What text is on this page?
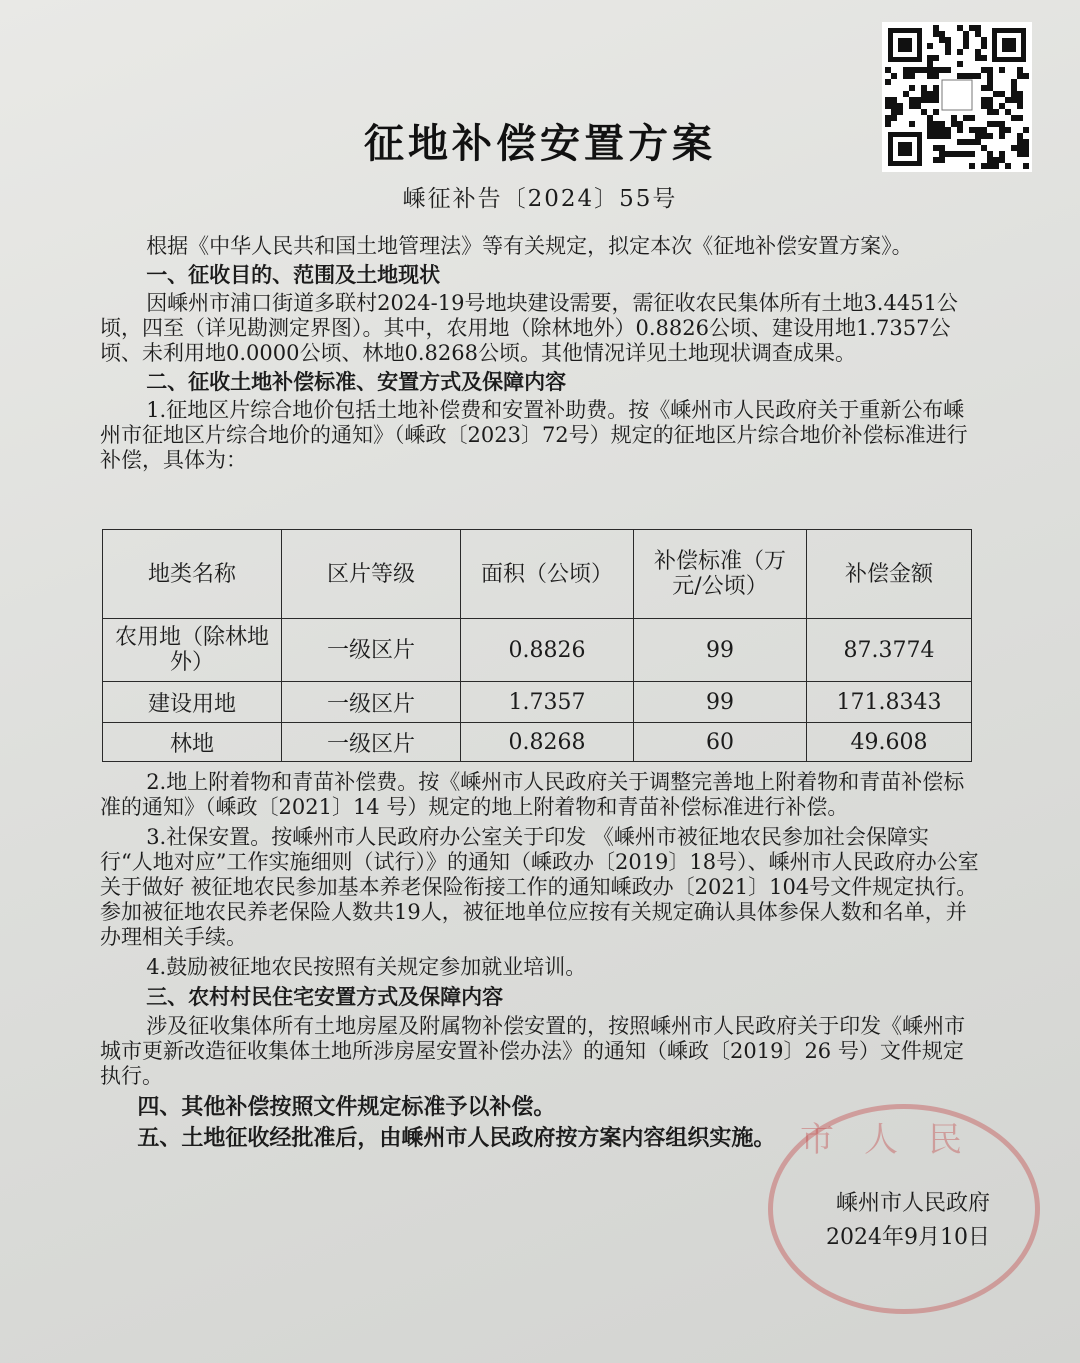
征地补偿安置方案
嵊征补告〔2024〕55号

根据《中华人民共和国土地管理法》等有关规定，拟定本次《征地补偿安置方案》。

一、征收目的、范围及土地现状

因嵊州市浦口街道多联村2024-19号地块建设需要，需征收农民集体所有土地3.4451公顷，四至（详见勘测定界图）。其中，农用地（除林地外）0.8826公顷、建设用地1.7357公顷、未利用地0.0000公顷、林地0.8268公顷。其他情况详见土地现状调查成果。

二、征收土地补偿标准、安置方式及保障内容

1.征地区片综合地价包括土地补偿费和安置补助费。按《嵊州市人民政府关于重新公布嵊州市征地区片综合地价的通知》（嵊政〔2023〕72号）规定的征地区片综合地价补偿标准进行补偿，具体为：

地类名称	区片等级	面积（公顷）	补偿标准（万元/公顷）	补偿金额
农用地（除林地外）	一级区片	0.8826	99	87.3774
建设用地	一级区片	1.7357	99	171.8343
林地	一级区片	0.8268	60	49.608

2.地上附着物和青苗补偿费。按《嵊州市人民政府关于调整完善地上附着物和青苗补偿标准的通知》（嵊政〔2021〕14 号）规定的地上附着物和青苗补偿标准进行补偿。

3.社保安置。按嵊州市人民政府办公室关于印发 《嵊州市被征地农民参加社会保障实行“人地对应”工作实施细则（试行）》的通知（嵊政办〔2019〕18号）、嵊州市人民政府办公室关于做好 被征地农民参加基本养老保险衔接工作的通知嵊政办〔2021〕104号文件规定执行。参加被征地农民养老保险人数共19人，被征地单位应按有关规定确认具体参保人数和名单，并办理相关手续。

4.鼓励被征地农民按照有关规定参加就业培训。

三、农村村民住宅安置方式及保障内容

涉及征收集体所有土地房屋及附属物补偿安置的，按照嵊州市人民政府关于印发《嵊州市城市更新改造征收集体土地所涉房屋安置补偿办法》的通知（嵊政〔2019〕26 号）文件规定执行。

四、其他补偿按照文件规定标准予以补偿。

五、土地征收经批准后，由嵊州市人民政府按方案内容组织实施。 市人民
嵊州市人民政府
2024年9月10日
